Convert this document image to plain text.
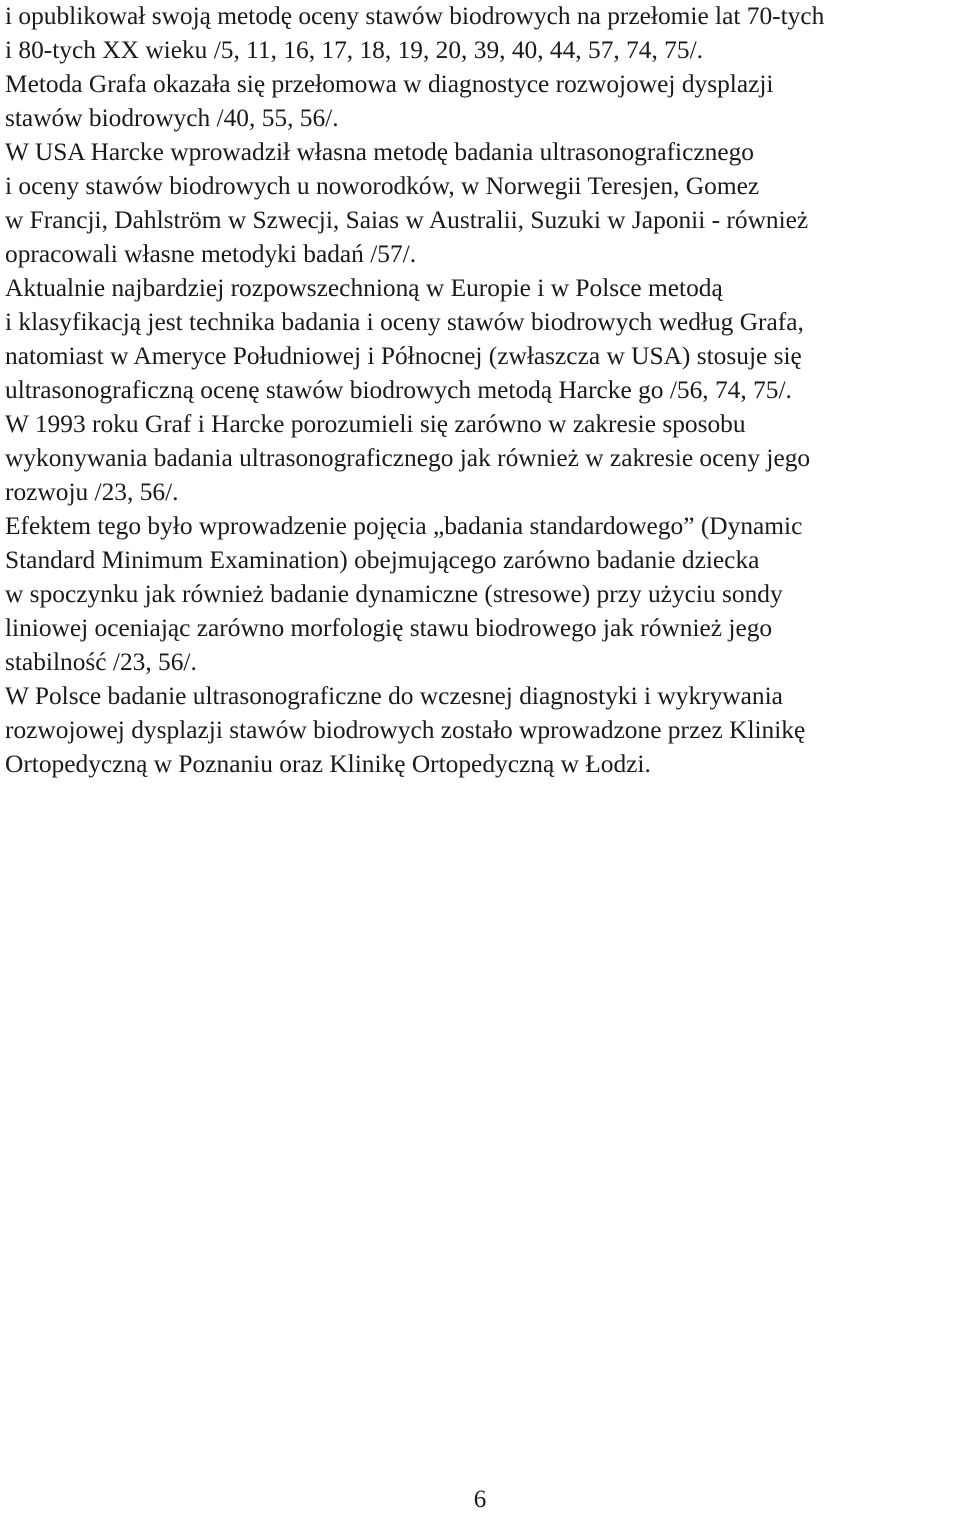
i opublikował swoją metodę oceny stawów biodrowych na przełomie lat 70-tych
i 80-tych XX wieku /5, 11, 16, 17, 18, 19, 20, 39, 40, 44, 57, 74, 75/.
Metoda Grafa okazała się przełomowa w diagnostyce rozwojowej dysplazji
stawów biodrowych /40, 55, 56/.
W USA Harcke wprowadził własna metodę badania ultrasonograficznego
i oceny stawów biodrowych u noworodków, w Norwegii Teresjen, Gomez
w Francji, Dahlström w Szwecji, Saias w Australii, Suzuki w Japonii - również
opracowali własne metodyki badań /57/.
Aktualnie najbardziej rozpowszechnioną w Europie i w Polsce metodą
i klasyfikacją jest technika badania i oceny stawów biodrowych według Grafa,
natomiast w Ameryce Południowej i Północnej (zwłaszcza w USA) stosuje się
ultrasonograficzną ocenę stawów biodrowych metodą Harcke go /56, 74, 75/.
W 1993 roku Graf i Harcke porozumieli się zarówno w zakresie sposobu
wykonywania badania ultrasonograficznego jak również w zakresie oceny jego
rozwoju /23, 56/.
Efektem tego było wprowadzenie pojęcia „badania standardowego” (Dynamic
Standard Minimum Examination) obejmującego zarówno badanie dziecka
w spoczynku jak również badanie dynamiczne (stresowe) przy użyciu sondy
liniowej oceniając zarówno morfologię stawu biodrowego jak również jego
stabilność /23, 56/.
W Polsce badanie ultrasonograficzne do wczesnej diagnostyki i wykrywania
rozwojowej dysplazji stawów biodrowych zostało wprowadzone przez Klinikę
Ortopedyczną w Poznaniu oraz Klinikę Ortopedyczną w Łodzi.
6
